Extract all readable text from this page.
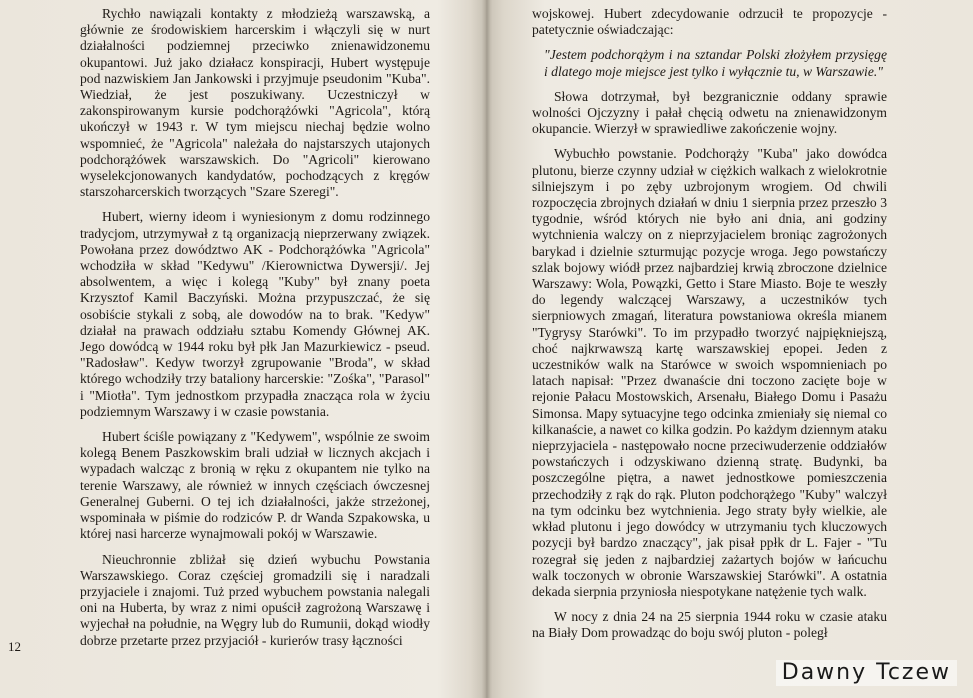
Rychło nawiązali kontakty z młodzieżą warszawską, a głównie ze środowiskiem harcerskim i włączyli się w nurt działalności podziemnej przeciwko znienawidzonemu okupantowi. Już jako działacz konspiracji, Hubert występuje pod nazwiskiem Jan Jankowski i przyjmuje pseudonim "Kuba". Wiedział, że jest poszukiwany. Uczestniczył w zakonspirowanym kursie podchorążówki "Agricola", którą ukończył w 1943 r. W tym miejscu niechaj będzie wolno wspomnieć, że "Agricola" należała do najstarszych utajonych podchorążówek warszawskich. Do "Agricoli" kierowano wyselekcjonowanych kandydatów, pochodzących z kręgów starszoharcerskich tworzących "Szare Szeregi".

Hubert, wierny ideom i wyniesionym z domu rodzinnego tradycjom, utrzymywał z tą organizacją nieprzerwany związek. Powołana przez dowództwo AK - Podchorążówka "Agricola" wchodziła w skład "Kedywu" /Kierownictwa Dywersji/. Jej absolwentem, a więc i kolegą "Kuby" był znany poeta Krzysztof Kamil Baczyński. Można przypuszczać, że się osobiście stykali z sobą, ale dowodów na to brak. "Kedyw" działał na prawach oddziału sztabu Komendy Głównej AK. Jego dowódcą w 1944 roku był płk Jan Mazurkiewicz - pseud. "Radosław". Kedyw tworzył zgrupowanie "Broda", w skład którego wchodziły trzy bataliony harcerskie: "Zośka", "Parasol" i "Miotła". Tym jednostkom przypadła znacząca rola w życiu podziemnym Warszawy i w czasie powstania.

Hubert ściśle powiązany z "Kedywem", wspólnie ze swoim kolegą Benem Paszkowskim brali udział w licznych akcjach i wypadach walcząc z bronią w ręku z okupantem nie tylko na terenie Warszawy, ale również w innych częściach ówczesnej Generalnej Guberni. O tej ich działalności, jakże strzeżonej, wspominała w piśmie do rodziców P. dr Wanda Szpakowska, u której nasi harcerze wynajmowali pokój w Warszawie.

Nieuchronnie zbliżał się dzień wybuchu Powstania Warszawskiego. Coraz częściej gromadzili się i naradzali przyjaciele i znajomi. Tuż przed wybuchem powstania nalegali oni na Huberta, by wraz z nimi opuścił zagrożoną Warszawę i wyjechał na południe, na Węgry lub do Rumunii, dokąd wiodły dobrze przetarte przez przyjaciół - kurierów trasy łączności

12

wojskowej. Hubert zdecydowanie odrzucił te propozycje - patetycznie oświadczając:

"Jestem podchorążym i na sztandar Polski złożyłem przysięgę i dlatego moje miejsce jest tylko i wyłącznie tu, w Warszawie."

Słowa dotrzymał, był bezgranicznie oddany sprawie wolności Ojczyzny i pałał chęcią odwetu na znienawidzonym okupancie. Wierzył w sprawiedliwe zakończenie wojny.

Wybuchło powstanie. Podchorąży "Kuba" jako dowódca plutonu, bierze czynny udział w ciężkich walkach z wielokrotnie silniejszym i po zęby uzbrojonym wrogiem. Od chwili rozpoczęcia zbrojnych działań w dniu 1 sierpnia przez przeszło 3 tygodnie, wśród których nie było ani dnia, ani godziny wytchnienia walczy on z nieprzyjacielem broniąc zagrożonych barykad i dzielnie szturmując pozycje wroga. Jego powstańczy szlak bojowy wiódł przez najbardziej krwią zbroczone dzielnice Warszawy: Wola, Powązki, Getto i Stare Miasto. Boje te weszły do legendy walczącej Warszawy, a uczestników tych sierpniowych zmagań, literatura powstaniowa określa mianem "Tygrysy Starówki". To im przypadło tworzyć najpiękniejszą, choć najkrwawszą kartę warszawskiej epopei. Jeden z uczestników walk na Starówce w swoich wspomnieniach po latach napisał: "Przez dwanaście dni toczono zacięte boje w rejonie Pałacu Mostowskich, Arsenału, Białego Domu i Pasażu Simonsa. Mapy sytuacyjne tego odcinka zmieniały się niemal co kilkanaście, a nawet co kilka godzin. Po każdym dziennym ataku nieprzyjaciela - następowało nocne przeciwuderzenie oddziałów powstańczych i odzyskiwano dzienną stratę. Budynki, ba poszczególne piętra, a nawet jednostkowe pomieszczenia przechodziły z rąk do rąk. Pluton podchorążego "Kuby" walczył na tym odcinku bez wytchnienia. Jego straty były wielkie, ale wkład plutonu i jego dowódcy w utrzymaniu tych kluczowych pozycji był bardzo znaczący", jak pisał ppłk dr L. Fajer - "Tu rozegrał się jeden z najbardziej zażartych bojów w łańcuchu walk toczonych w obronie Warszawskiej Starówki". A ostatnia dekada sierpnia przyniosła niespotykane natężenie tych walk.

W nocy z dnia 24 na 25 sierpnia 1944 roku w czasie ataku na Biały Dom prowadząc do boju swój pluton - poległ

Dawny Tczew
